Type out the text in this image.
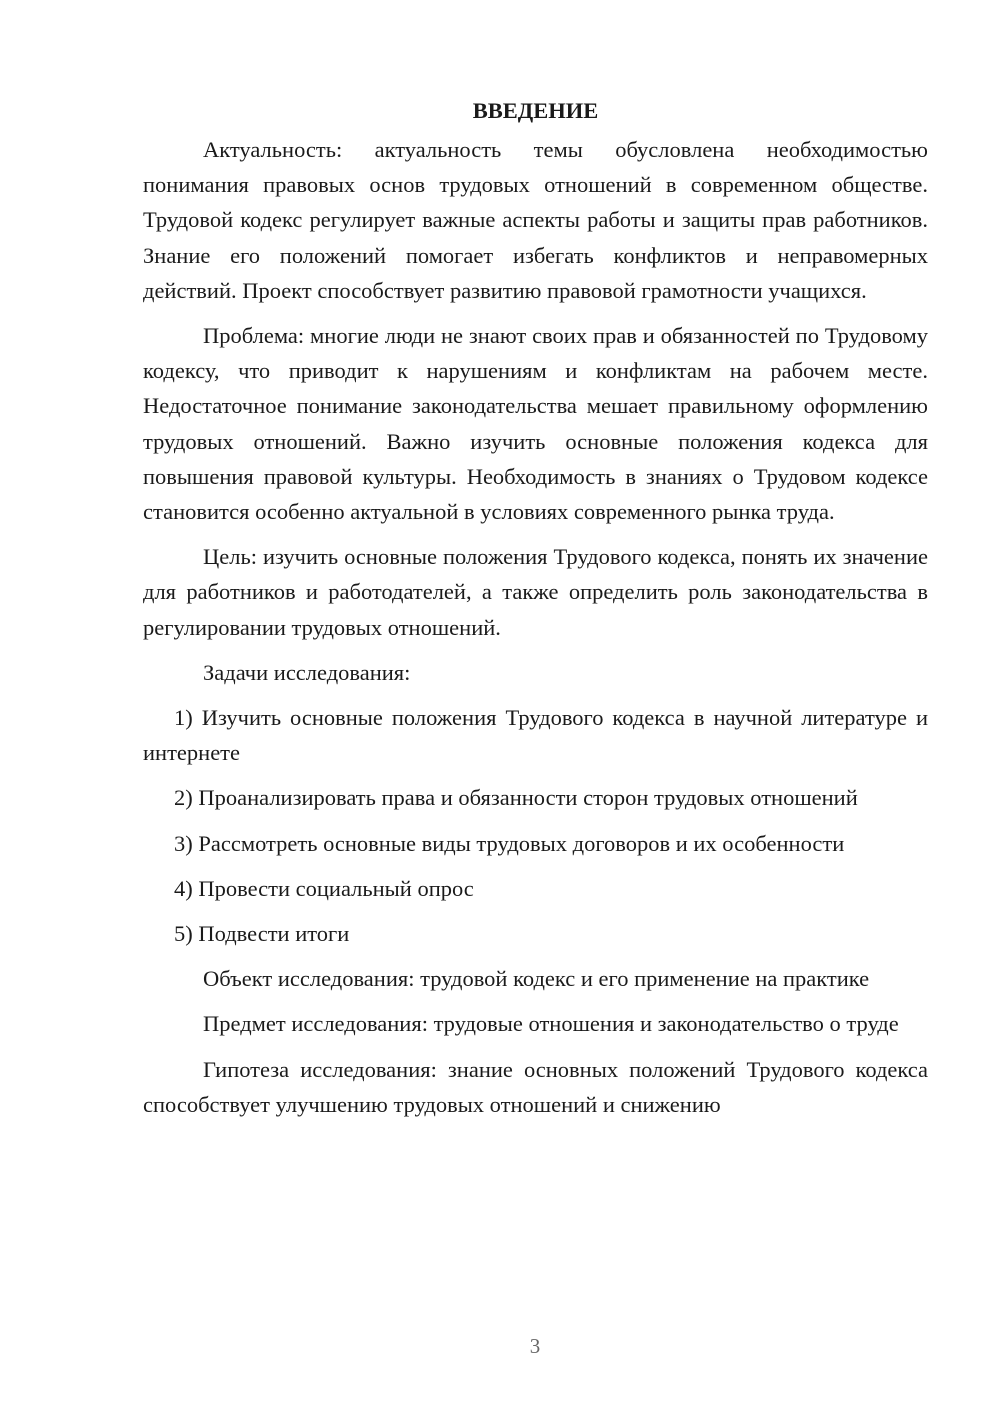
ВВЕДЕНИЕ

Актуальность: актуальность темы обусловлена необходимостью понимания правовых основ трудовых отношений в современном обществе. Трудовой кодекс регулирует важные аспекты работы и защиты прав работников. Знание его положений помогает избегать конфликтов и неправомерных действий. Проект способствует развитию правовой грамотности учащихся.

Проблема: многие люди не знают своих прав и обязанностей по Трудовому кодексу, что приводит к нарушениям и конфликтам на рабочем месте. Недостаточное понимание законодательства мешает правильному оформлению трудовых отношений. Важно изучить основные положения кодекса для повышения правовой культуры. Необходимость в знаниях о Трудовом кодексе становится особенно актуальной в условиях современного рынка труда.

Цель: изучить основные положения Трудового кодекса, понять их значение для работников и работодателей, а также определить роль законодательства в регулировании трудовых отношений.

Задачи исследования:

1) Изучить основные положения Трудового кодекса в научной литературе и интернете

2) Проанализировать права и обязанности сторон трудовых отношений

3) Рассмотреть основные виды трудовых договоров и их особенности

4) Провести социальный опрос

5) Подвести итоги

Объект исследования: трудовой кодекс и его применение на практике

Предмет исследования: трудовые отношения и законодательство о труде

Гипотеза исследования: знание основных положений Трудового кодекса способствует улучшению трудовых отношений и снижению

3
